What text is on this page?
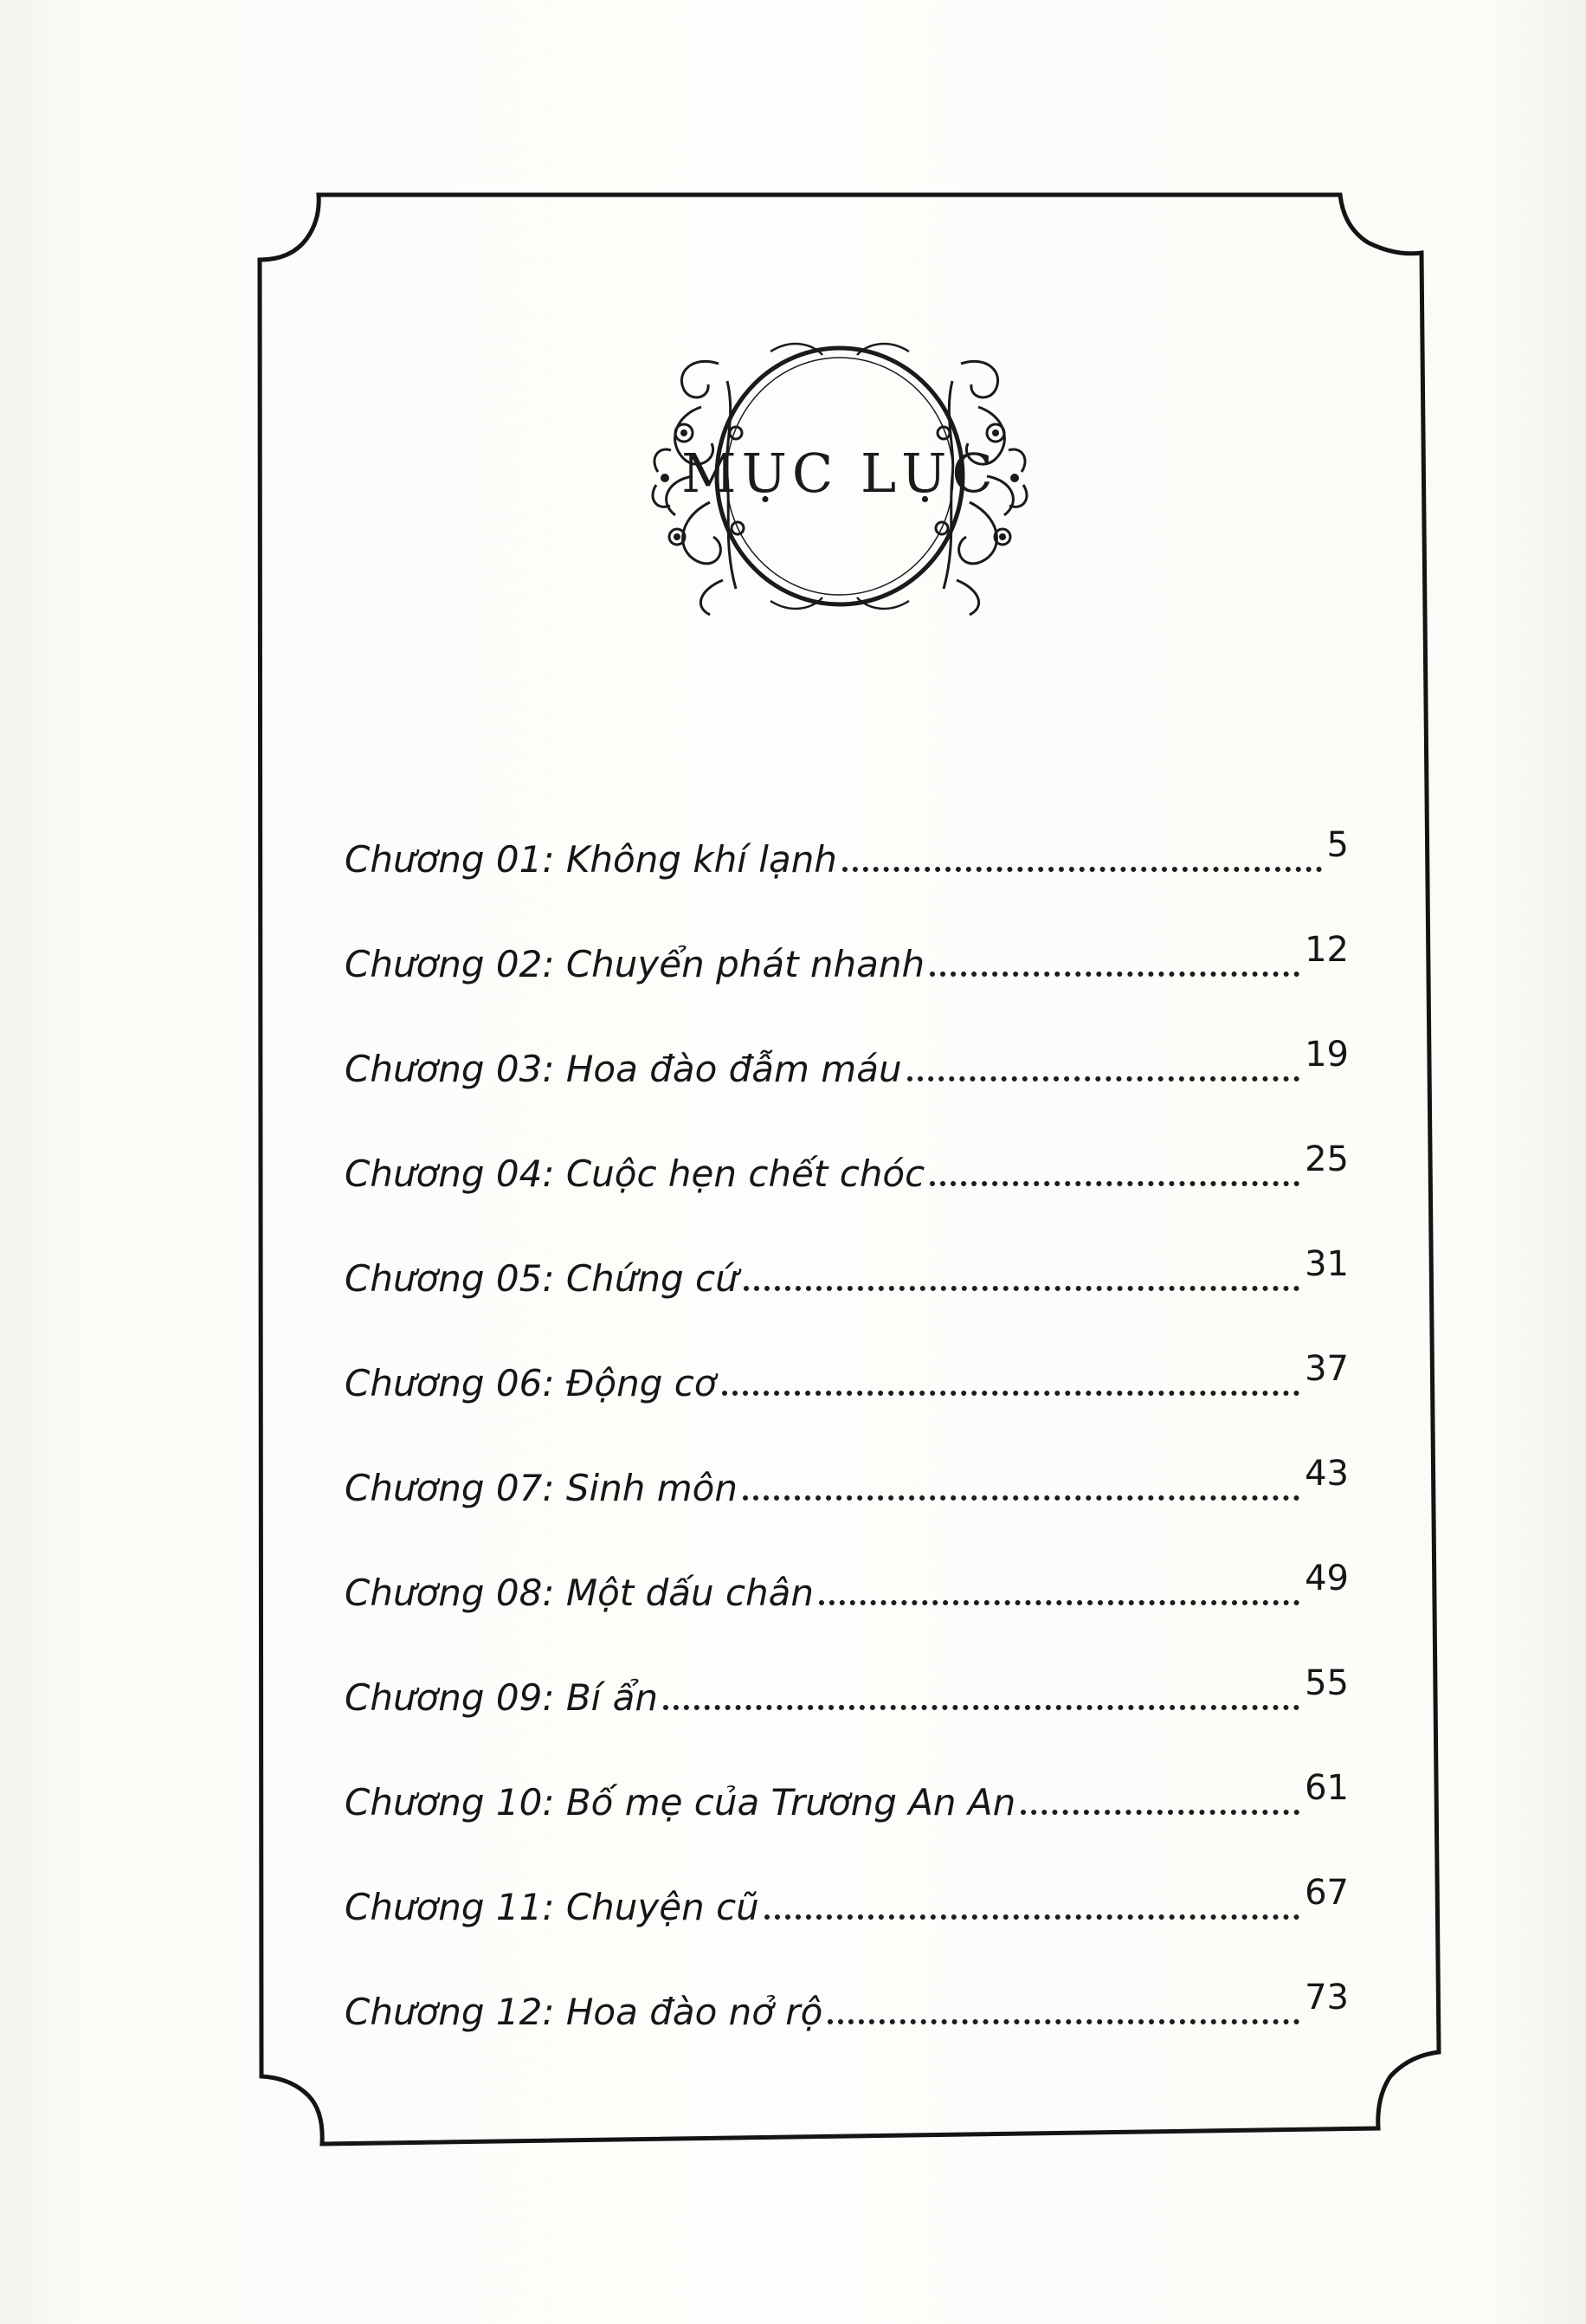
MỤC LỤC
Chương 01: Không khí lạnh	5
Chương 02: Chuyển phát nhanh	12
Chương 03: Hoa đào đẫm máu	19
Chương 04: Cuộc hẹn chết chóc	25
Chương 05: Chứng cứ	31
Chương 06: Động cơ	37
Chương 07: Sinh môn	43
Chương 08: Một dấu chân	49
Chương 09: Bí ẩn	55
Chương 10: Bố mẹ của Trương An An	61
Chương 11: Chuyện cũ	67
Chương 12: Hoa đào nở rộ	73
